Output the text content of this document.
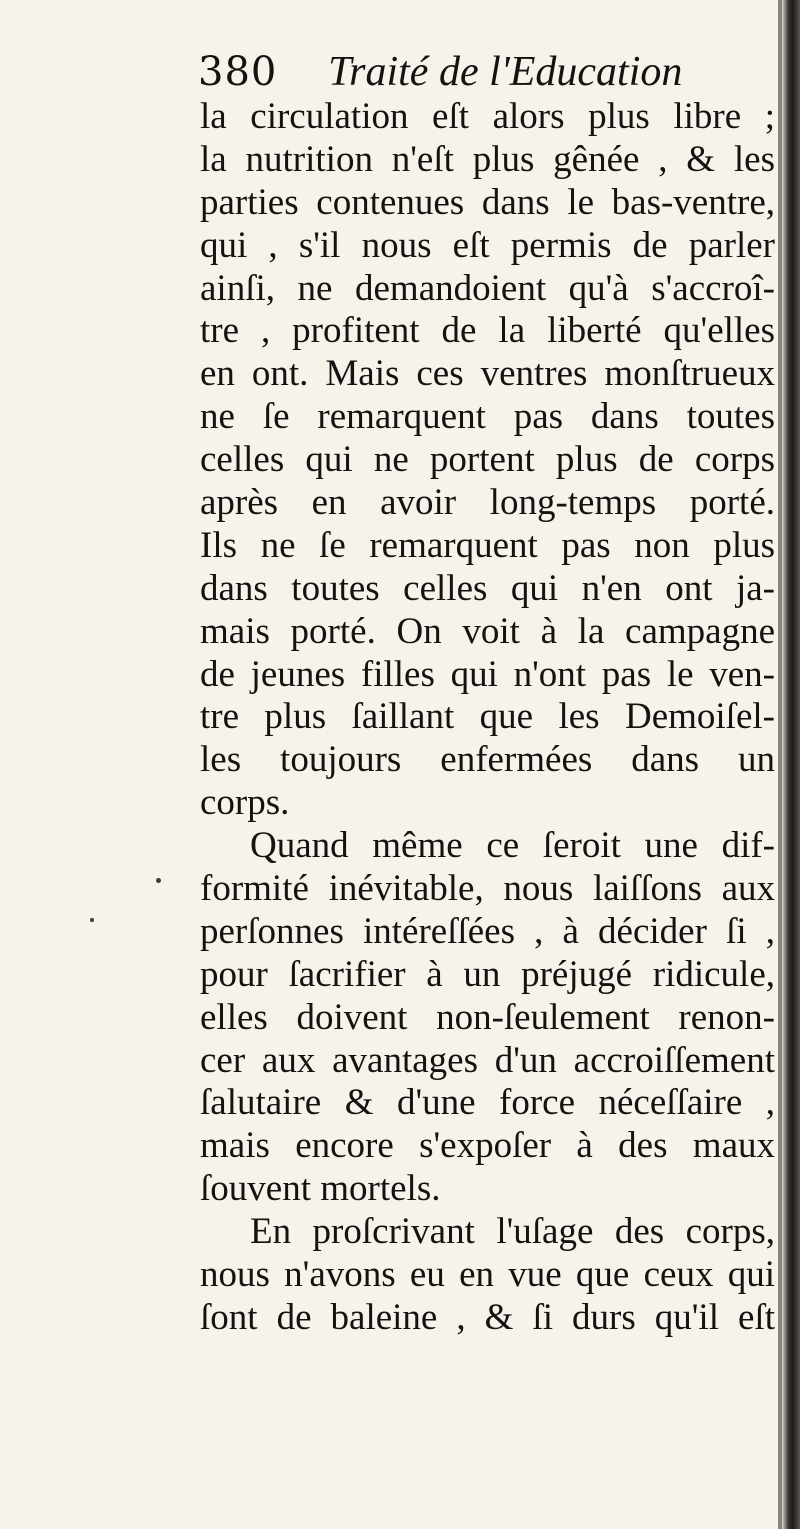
380 Traité de l'Education
la circulation eſt alors plus libre ;
la nutrition n'eſt plus gênée , & les
parties contenues dans le bas-ventre,
qui , s'il nous eſt permis de parler
ainſi, ne demandoient qu'à s'accroî-
tre , profitent de la liberté qu'elles
en ont. Mais ces ventres monſtrueux
ne ſe remarquent pas dans toutes
celles qui ne portent plus de corps
après en avoir long-temps porté.
Ils ne ſe remarquent pas non plus
dans toutes celles qui n'en ont ja-
mais porté. On voit à la campagne
de jeunes filles qui n'ont pas le ven-
tre plus ſaillant que les Demoiſel-
les toujours enfermées dans un
corps.
Quand même ce ſeroit une dif-
formité inévitable, nous laiſſons aux
perſonnes intéreſſées , à décider ſi ,
pour ſacrifier à un préjugé ridicule,
elles doivent non-ſeulement renon-
cer aux avantages d'un accroiſſement
ſalutaire & d'une force néceſſaire ,
mais encore s'expoſer à des maux
ſouvent mortels.
En proſcrivant l'uſage des corps,
nous n'avons eu en vue que ceux qui
ſont de baleine , & ſi durs qu'il eſt
